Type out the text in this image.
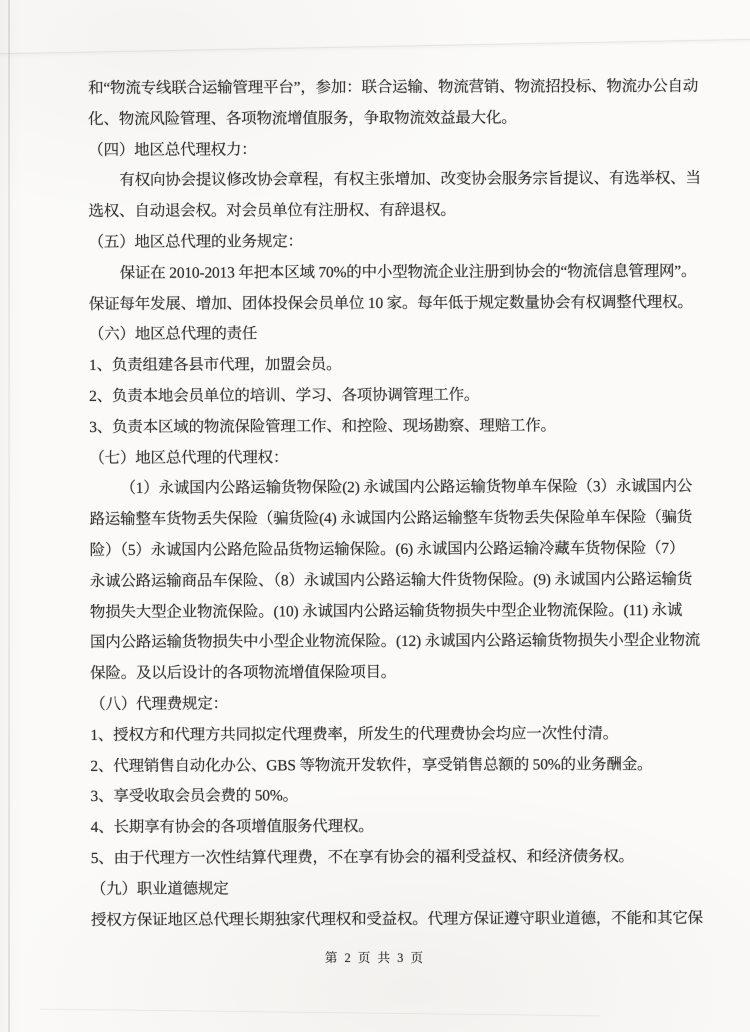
和“物流专线联合运输管理平台”，参加：联合运输、物流营销、物流招投标、物流办公自动
化、物流风险管理、各项物流增值服务，争取物流效益最大化。
（四）地区总代理权力：
有权向协会提议修改协会章程，有权主张增加、改变协会服务宗旨提议、有选举权、当
选权、自动退会权。对会员单位有注册权、有辞退权。
（五）地区总代理的业务规定：
保证在 2010-2013 年把本区域 70%的中小型物流企业注册到协会的“物流信息管理网”。
保证每年发展、增加、团体投保会员单位 10 家。每年低于规定数量协会有权调整代理权。
（六）地区总代理的责任
1、负责组建各县市代理，加盟会员。
2、负责本地会员单位的培训、学习、各项协调管理工作。
3、负责本区域的物流保险管理工作、和控险、现场勘察、理赔工作。
（七）地区总代理的代理权：
（1）永诚国内公路运输货物保险(2) 永诚国内公路运输货物单车保险（3）永诚国内公
路运输整车货物丢失保险（骗货险(4) 永诚国内公路运输整车货物丢失保险单车保险（骗货
险）（5）永诚国内公路危险品货物运输保险。(6) 永诚国内公路运输冷藏车货物保险（7）
永诚公路运输商品车保险、（8）永诚国内公路运输大件货物保险。(9) 永诚国内公路运输货
物损失大型企业物流保险。(10) 永诚国内公路运输货物损失中型企业物流保险。(11) 永诚
国内公路运输货物损失中小型企业物流保险。(12) 永诚国内公路运输货物损失小型企业物流
保险。及以后设计的各项物流增值保险项目。
（八）代理费规定：
1、授权方和代理方共同拟定代理费率，所发生的代理费协会均应一次性付清。
2、代理销售自动化办公、GBS 等物流开发软件，享受销售总额的 50%的业务酬金。
3、享受收取会员会费的 50%。
4、长期享有协会的各项增值服务代理权。
5、由于代理方一次性结算代理费，不在享有协会的福利受益权、和经济债务权。
（九）职业道德规定
授权方保证地区总代理长期独家代理权和受益权。代理方保证遵守职业道德，不能和其它保
第 2 页 共 3 页
